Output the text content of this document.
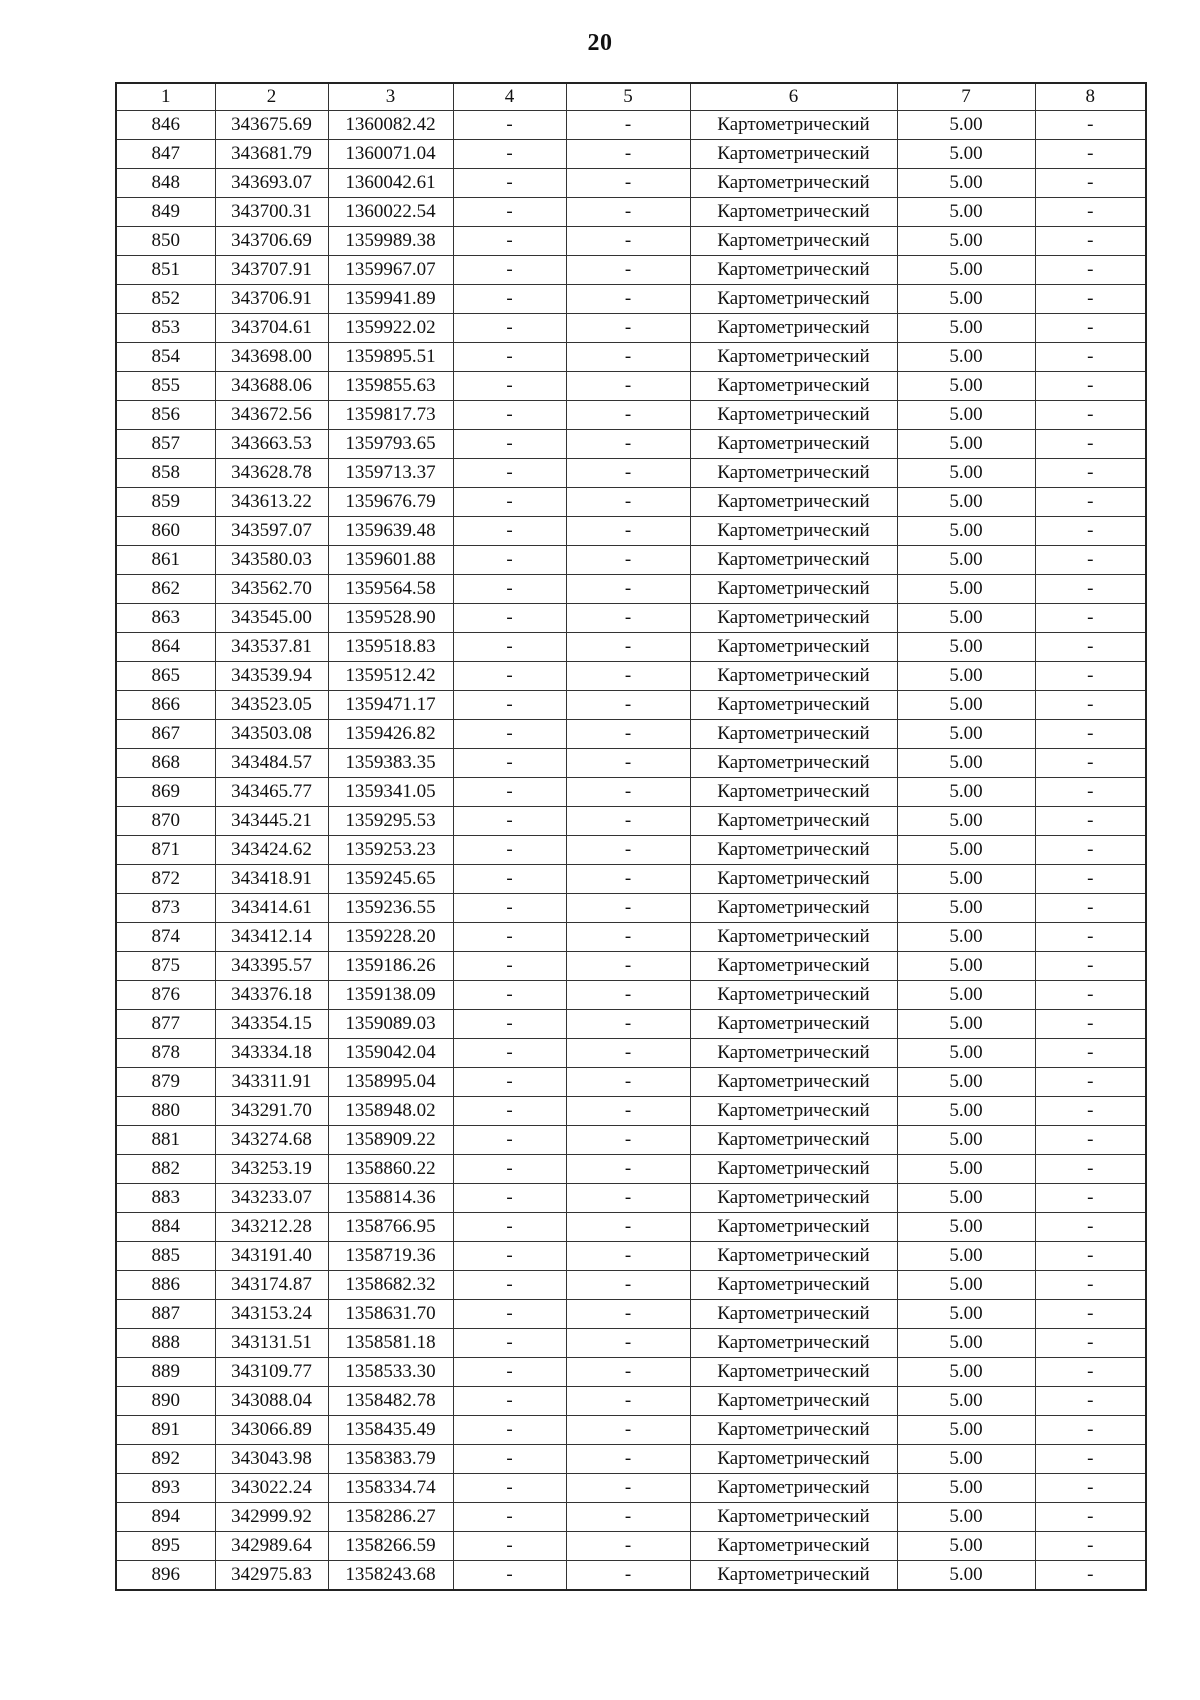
20
1	2	3	4	5	6	7	8
846	343675.69	1360082.42	-	-	Картометрический	5.00	-
847	343681.79	1360071.04	-	-	Картометрический	5.00	-
848	343693.07	1360042.61	-	-	Картометрический	5.00	-
849	343700.31	1360022.54	-	-	Картометрический	5.00	-
850	343706.69	1359989.38	-	-	Картометрический	5.00	-
851	343707.91	1359967.07	-	-	Картометрический	5.00	-
852	343706.91	1359941.89	-	-	Картометрический	5.00	-
853	343704.61	1359922.02	-	-	Картометрический	5.00	-
854	343698.00	1359895.51	-	-	Картометрический	5.00	-
855	343688.06	1359855.63	-	-	Картометрический	5.00	-
856	343672.56	1359817.73	-	-	Картометрический	5.00	-
857	343663.53	1359793.65	-	-	Картометрический	5.00	-
858	343628.78	1359713.37	-	-	Картометрический	5.00	-
859	343613.22	1359676.79	-	-	Картометрический	5.00	-
860	343597.07	1359639.48	-	-	Картометрический	5.00	-
861	343580.03	1359601.88	-	-	Картометрический	5.00	-
862	343562.70	1359564.58	-	-	Картометрический	5.00	-
863	343545.00	1359528.90	-	-	Картометрический	5.00	-
864	343537.81	1359518.83	-	-	Картометрический	5.00	-
865	343539.94	1359512.42	-	-	Картометрический	5.00	-
866	343523.05	1359471.17	-	-	Картометрический	5.00	-
867	343503.08	1359426.82	-	-	Картометрический	5.00	-
868	343484.57	1359383.35	-	-	Картометрический	5.00	-
869	343465.77	1359341.05	-	-	Картометрический	5.00	-
870	343445.21	1359295.53	-	-	Картометрический	5.00	-
871	343424.62	1359253.23	-	-	Картометрический	5.00	-
872	343418.91	1359245.65	-	-	Картометрический	5.00	-
873	343414.61	1359236.55	-	-	Картометрический	5.00	-
874	343412.14	1359228.20	-	-	Картометрический	5.00	-
875	343395.57	1359186.26	-	-	Картометрический	5.00	-
876	343376.18	1359138.09	-	-	Картометрический	5.00	-
877	343354.15	1359089.03	-	-	Картометрический	5.00	-
878	343334.18	1359042.04	-	-	Картометрический	5.00	-
879	343311.91	1358995.04	-	-	Картометрический	5.00	-
880	343291.70	1358948.02	-	-	Картометрический	5.00	-
881	343274.68	1358909.22	-	-	Картометрический	5.00	-
882	343253.19	1358860.22	-	-	Картометрический	5.00	-
883	343233.07	1358814.36	-	-	Картометрический	5.00	-
884	343212.28	1358766.95	-	-	Картометрический	5.00	-
885	343191.40	1358719.36	-	-	Картометрический	5.00	-
886	343174.87	1358682.32	-	-	Картометрический	5.00	-
887	343153.24	1358631.70	-	-	Картометрический	5.00	-
888	343131.51	1358581.18	-	-	Картометрический	5.00	-
889	343109.77	1358533.30	-	-	Картометрический	5.00	-
890	343088.04	1358482.78	-	-	Картометрический	5.00	-
891	343066.89	1358435.49	-	-	Картометрический	5.00	-
892	343043.98	1358383.79	-	-	Картометрический	5.00	-
893	343022.24	1358334.74	-	-	Картометрический	5.00	-
894	342999.92	1358286.27	-	-	Картометрический	5.00	-
895	342989.64	1358266.59	-	-	Картометрический	5.00	-
896	342975.83	1358243.68	-	-	Картометрический	5.00	-
